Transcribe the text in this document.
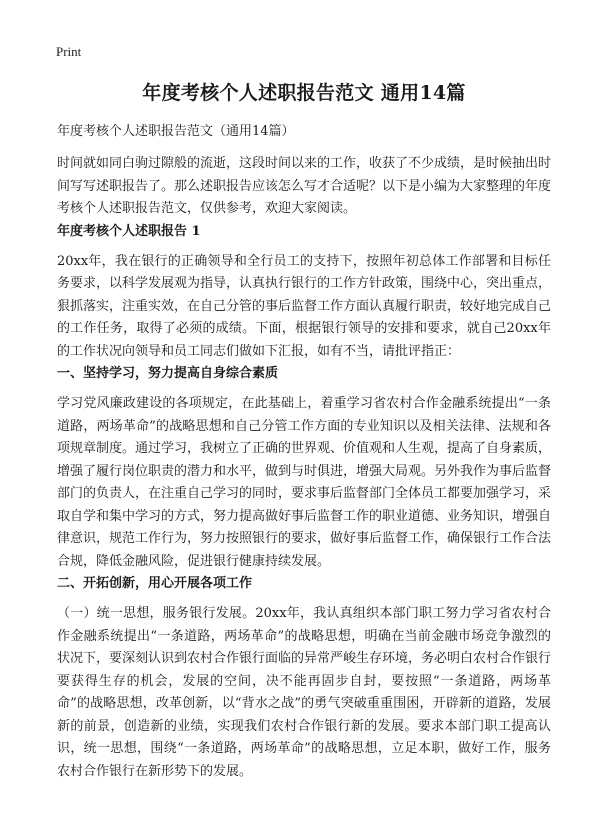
Print
年度考核个人述职报告范文 通用14篇
年度考核个人述职报告范文（通用14篇）

时间就如同白驹过隙般的流逝，这段时间以来的工作，收获了不少成绩，是时候抽出时间写写述职报告了。那么述职报告应该怎么写才合适呢？以下是小编为大家整理的年度考核个人述职报告范文，仅供参考，欢迎大家阅读。

年度考核个人述职报告 1

20xx年，我在银行的正确领导和全行员工的支持下，按照年初总体工作部署和目标任务要求，以科学发展观为指导，认真执行银行的工作方针政策，围绕中心，突出重点，狠抓落实，注重实效，在自己分管的事后监督工作方面认真履行职责，较好地完成自己的工作任务，取得了必须的成绩。下面，根据银行领导的安排和要求，就自己20xx年的工作状况向领导和员工同志们做如下汇报，如有不当，请批评指正：

一、坚持学习，努力提高自身综合素质

学习党风廉政建设的各项规定，在此基础上，着重学习省农村合作金融系统提出“一条道路，两场革命”的战略思想和自己分管工作方面的专业知识以及相关法律、法规和各项规章制度。通过学习，我树立了正确的世界观、价值观和人生观，提高了自身素质，增强了履行岗位职责的潜力和水平，做到与时俱进，增强大局观。另外我作为事后监督部门的负责人，在注重自己学习的同时，要求事后监督部门全体员工都要加强学习，采取自学和集中学习的方式，努力提高做好事后监督工作的职业道德、业务知识，增强自律意识，规范工作行为，努力按照银行的要求，做好事后监督工作，确保银行工作合法合规，降低金融风险，促进银行健康持续发展。

二、开拓创新，用心开展各项工作

（一）统一思想，服务银行发展。20xx年，我认真组织本部门职工努力学习省农村合作金融系统提出“一条道路，两场革命”的战略思想，明确在当前金融市场竞争激烈的状况下，要深刻认识到农村合作银行面临的异常严峻生存环境，务必明白农村合作银行要获得生存的机会，发展的空间，决不能再固步自封，要按照“一条道路，两场革命”的战略思想，改革创新，以“背水之战”的勇气突破重重围困，开辟新的道路，发展新的前景，创造新的业绩，实现我们农村合作银行新的发展。要求本部门职工提高认识，统一思想，围绕“一条道路，两场革命”的战略思想，立足本职，做好工作，服务农村合作银行在新形势下的发展。
